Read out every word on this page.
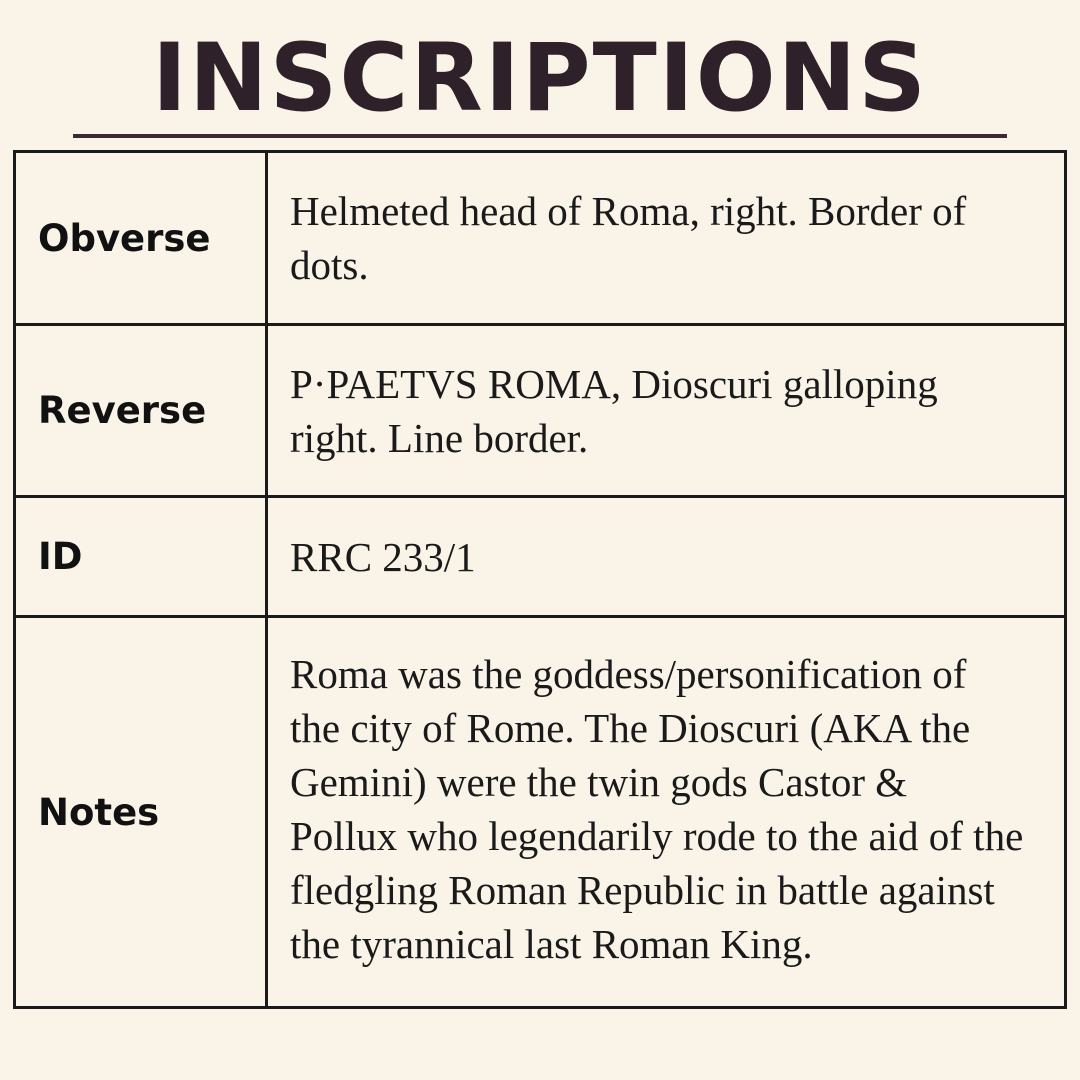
INSCRIPTIONS
Obverse	Helmeted head of Roma, right. Border of dots.
Reverse	P·PAETVS ROMA, Dioscuri galloping right. Line border.
ID	RRC 233/1
Notes	Roma was the goddess/personification of the city of Rome. The Dioscuri (AKA the Gemini) were the twin gods Castor & Pollux who legendarily rode to the aid of the fledgling Roman Republic in battle against the tyrannical last Roman King.
